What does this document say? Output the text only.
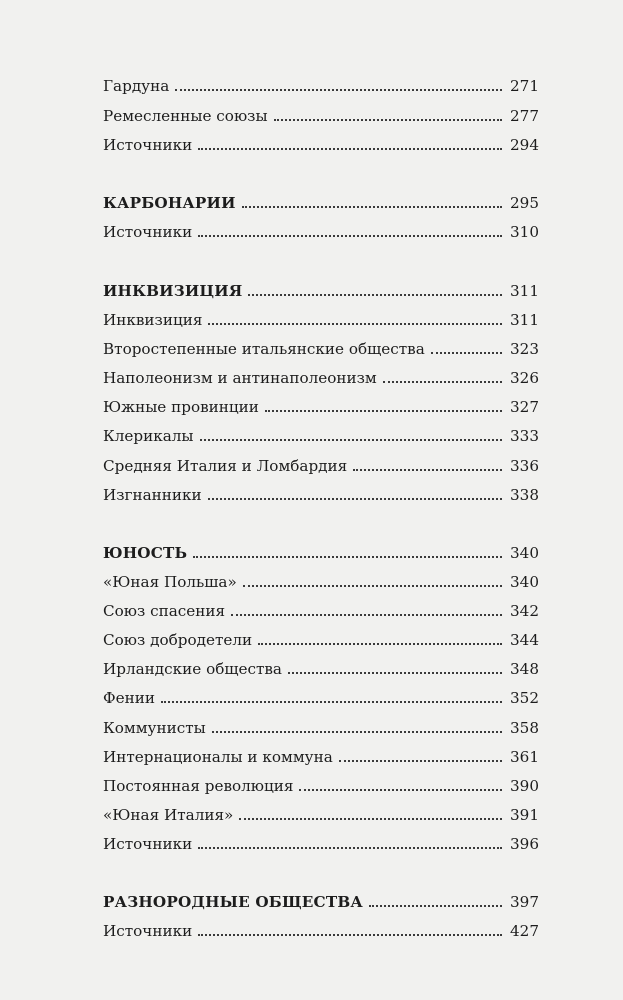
Гардуна	271
Ремесленные союзы	277
Источники	294
КАРБОНАРИИ	295
Источники	310
ИНКВИЗИЦИЯ	311
Инквизиция	311
Второстепенные итальянские общества	323
Наполеонизм и антинаполеонизм	326
Южные провинции	327
Клерикалы	333
Средняя Италия и Ломбардия	336
Изгнанники	338
ЮНОСТЬ	340
«Юная Польша»	340
Союз спасения	342
Союз добродетели	344
Ирландские общества	348
Фении	352
Коммунисты	358
Интернационалы и коммуна	361
Постоянная революция	390
«Юная Италия»	391
Источники	396
РАЗНОРОДНЫЕ ОБЩЕСТВА	397
Источники	427
